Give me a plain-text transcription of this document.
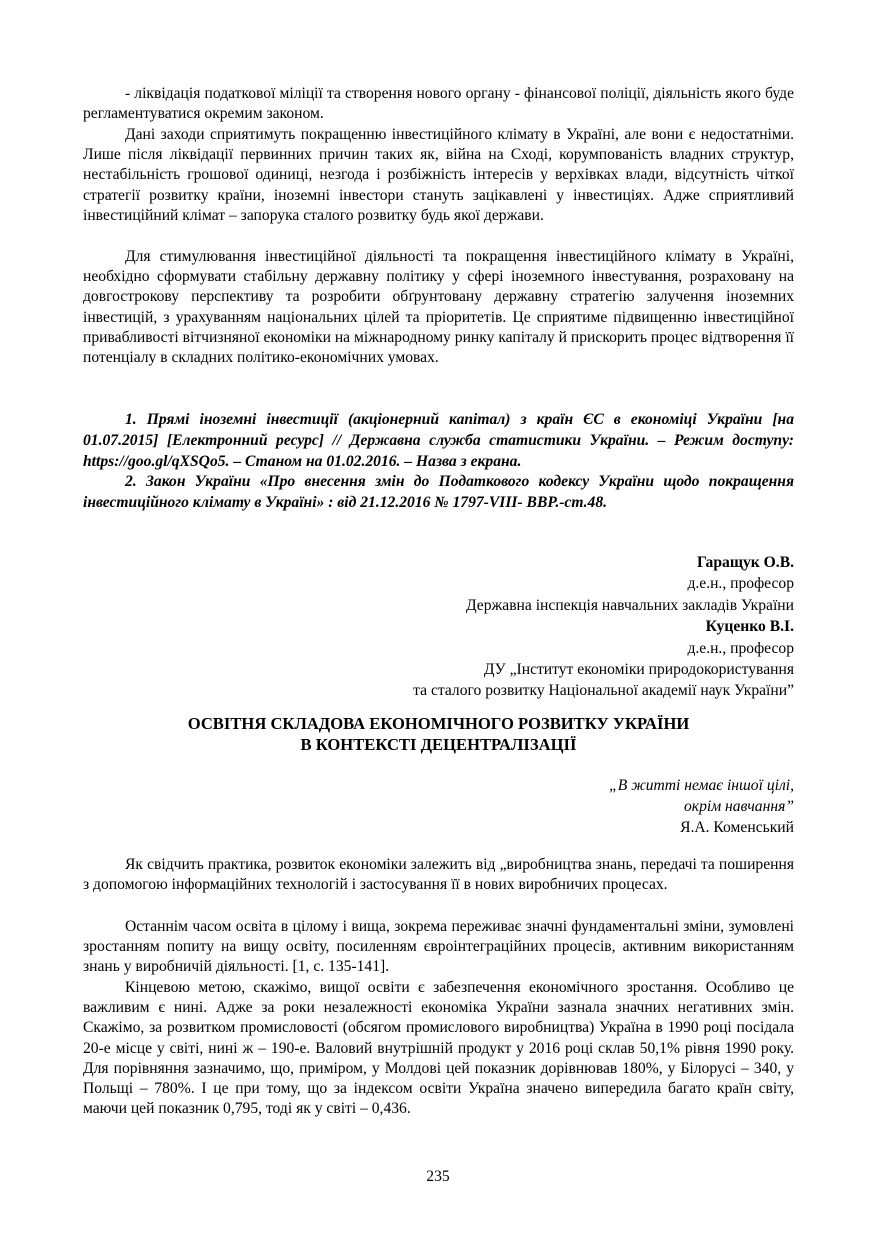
- ліквідація податкової міліції та створення нового органу - фінансової поліції, діяльність якого буде регламентуватися окремим законом.

Дані заходи сприятимуть покращенню інвестиційного клімату в Україні, але вони є недостатніми. Лише після ліквідації первинних причин таких як, війна на Сході, корумпованість владних структур, нестабільність грошової одиниці, незгода і розбіжність інтересів у верхівках влади, відсутність чіткої стратегії розвитку країни, іноземні інвестори стануть зацікавлені у інвестиціях. Адже сприятливий інвестиційний клімат – запорука сталого розвитку будь якої держави.

Для стимулювання інвестиційної діяльності та покращення інвестиційного клімату в Україні, необхідно сформувати стабільну державну політику у сфері іноземного інвестування, розраховану на довгострокову перспективу та розробити обґрунтовану державну стратегію залучення іноземних інвестицій, з урахуванням національних цілей та пріоритетів. Це сприятиме підвищенню інвестиційної привабливості вітчизняної економіки на міжнародному ринку капіталу й прискорить процес відтворення її потенціалу в складних політико-економічних умовах.

1. Прямі іноземні інвестиції (акціонерний капітал) з країн ЄС в економіці України [на 01.07.2015] [Електронний ресурс] // Державна служба статистики України. – Режим доступу: https://goo.gl/qXSQo5. – Станом на 01.02.2016. – Назва з екрана.

2. Закон України «Про внесення змін до Податкового кодексу України щодо покращення інвестиційного клімату в Україні» : від 21.12.2016 № 1797-VIII- ВВР.-ст.48.

Гаращук О.В.
д.е.н., професор
Державна інспекція навчальних закладів України
Куценко В.І.
д.е.н., професор
ДУ „Інститут економіки природокористування
та сталого розвитку Національної академії наук України”
ОСВІТНЯ СКЛАДОВА ЕКОНОМІЧНОГО РОЗВИТКУ УКРАЇНИ
В КОНТЕКСТІ ДЕЦЕНТРАЛІЗАЦІЇ
„В житті немає іншої цілі,
окрім навчання”
Я.А. Коменський

Як свідчить практика, розвиток економіки залежить від „виробництва знань, передачі та поширення з допомогою інформаційних технологій і застосування її в нових виробничих процесах.

Останнім часом освіта в цілому і вища, зокрема переживає значні фундаментальні зміни, зумовлені зростанням попиту на вищу освіту, посиленням євроінтеграційних процесів, активним використанням знань у виробничій діяльності. [1, с. 135-141].

Кінцевою метою, скажімо, вищої освіти є забезпечення економічного зростання. Особливо це важливим є нині. Адже за роки незалежності економіка України зазнала значних негативних змін. Скажімо, за розвитком промисловості (обсягом промислового виробництва) Україна в 1990 році посідала 20-е місце у світі, нині ж – 190-е. Валовий внутрішній продукт у 2016 році склав 50,1% рівня 1990 року. Для порівняння зазначимо, що, приміром, у Молдові цей показник дорівнював 180%, у Білорусі – 340, у Польщі – 780%. І це при тому, що за індексом освіти Україна значено випередила багато країн світу, маючи цей показник 0,795, тоді як у світі – 0,436.

235
